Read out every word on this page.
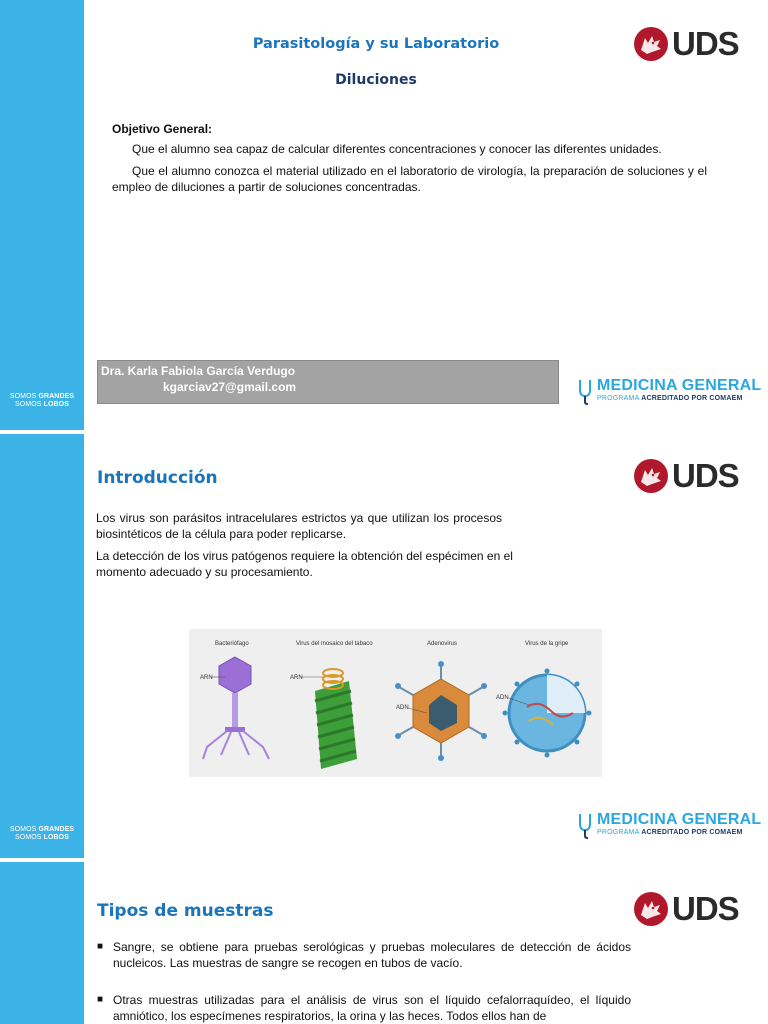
SOMOS GRANDES
SOMOS LOBOS
Parasitología y su Laboratorio
Diluciones
UDS
Objetivo General:
Que el alumno sea capaz de calcular diferentes concentraciones y conocer las diferentes unidades.
Que el alumno conozca el material utilizado en el laboratorio de virología, la preparación de soluciones y el empleo de diluciones a partir de soluciones concentradas.
Dra. Karla Fabiola García Verdugo
kgarciav27@gmail.com	MEDICINA GENERAL
PROGRAMA ACREDITADO POR COMAEM
SOMOS GRANDES
SOMOS LOBOS
Introducción	UDS
Los virus son parásitos intracelulares estrictos ya que utilizan los procesos biosintéticos de la célula para poder replicarse.
La detección de los virus patógenos requiere la obtención del espécimen en el momento adecuado y su procesamiento.
Bacteriófago	Virus del mosaico del tabaco	Adenovirus	Virus de la gripe
ARN	ARN
ADN
ADN
MEDICINA GENERAL
PROGRAMA ACREDITADO POR COMAEM
Tipos de muestras	UDS
■ Sangre, se obtiene para pruebas serológicas y pruebas moleculares de detección de ácidos nucleicos. Las muestras de sangre se recogen en tubos de vacío.
■ Otras muestras utilizadas para el análisis de virus son el líquido cefalorraquídeo, el líquido amniótico, los especímenes respiratorios, la orina y las heces. Todos ellos han de
